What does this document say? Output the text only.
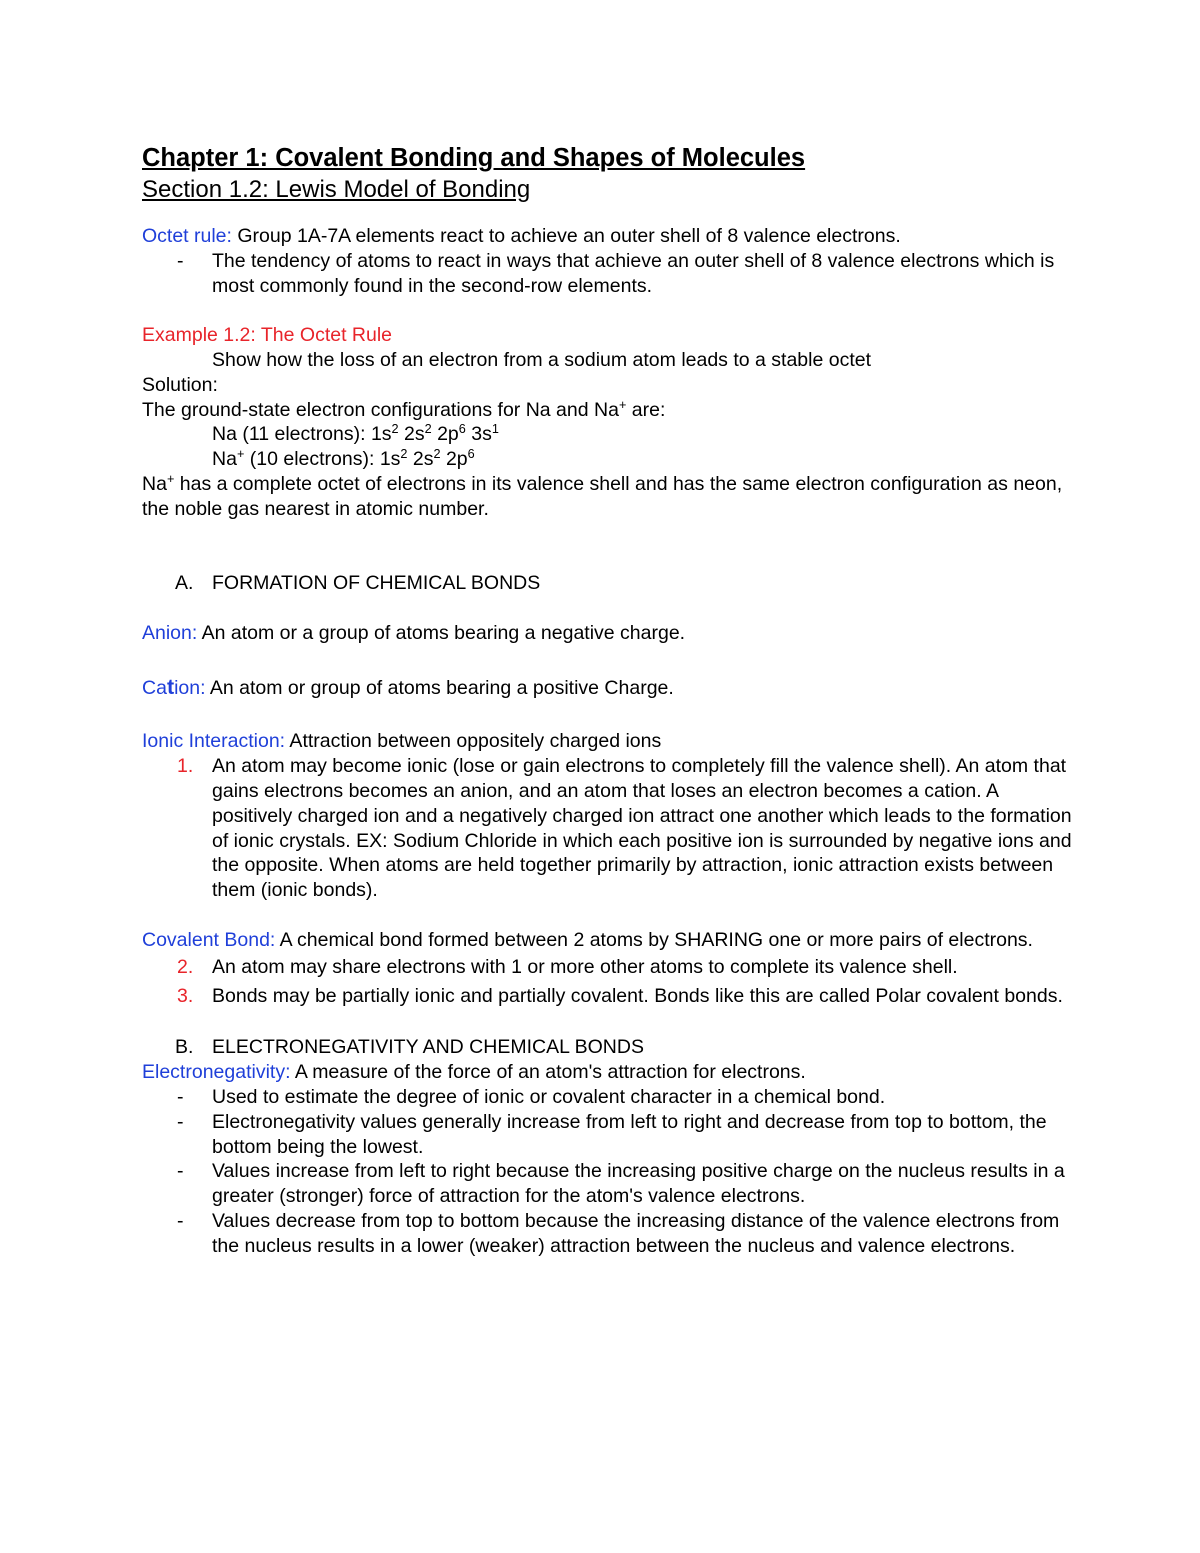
Chapter 1: Covalent Bonding and Shapes of Molecules
Section 1.2: Lewis Model of Bonding
Octet rule: Group 1A-7A elements react to achieve an outer shell of 8 valence electrons.
- The tendency of atoms to react in ways that achieve an outer shell of 8 valence electrons which is most commonly found in the second-row elements.
Example 1.2: The Octet Rule
Show how the loss of an electron from a sodium atom leads to a stable octet
Solution:
The ground-state electron configurations for Na and Na+ are:
Na (11 electrons): $1s^2$ $2s^2$ $2p^6$ $3s^1$
Na+ (10 electrons): $1s^2$ $2s^2$ $2p^6$
Na+ has a complete octet of electrons in its valence shell and has the same electron configuration as neon, the noble gas nearest in atomic number.
A. FORMATION OF CHEMICAL BONDS
Anion: An atom or a group of atoms bearing a negative charge.
Cation: An atom or group of atoms bearing a positive Charge.
Ionic Interaction: Attraction between oppositely charged ions
1. An atom may become ionic (lose or gain electrons to completely fill the valence shell). An atom that gains electrons becomes an anion, and an atom that loses an electron becomes a cation. A positively charged ion and a negatively charged ion attract one another which leads to the formation of ionic crystals. EX: Sodium Chloride in which each positive ion is surrounded by negative ions and the opposite. When atoms are held together primarily by attraction, ionic attraction exists between them (ionic bonds).
Covalent Bond: A chemical bond formed between 2 atoms by SHARING one or more pairs of electrons.
2. An atom may share electrons with 1 or more other atoms to complete its valence shell.
3. Bonds may be partially ionic and partially covalent. Bonds like this are called Polar covalent bonds.
B. ELECTRONEGATIVITY AND CHEMICAL BONDS
Electronegativity: A measure of the force of an atom's attraction for electrons.
- Used to estimate the degree of ionic or covalent character in a chemical bond.
- Electronegativity values generally increase from left to right and decrease from top to bottom, the bottom being the lowest.
- Values increase from left to right because the increasing positive charge on the nucleus results in a greater (stronger) force of attraction for the atom's valence electrons.
- Values decrease from top to bottom because the increasing distance of the valence electrons from the nucleus results in a lower (weaker) attraction between the nucleus and valence electrons.
